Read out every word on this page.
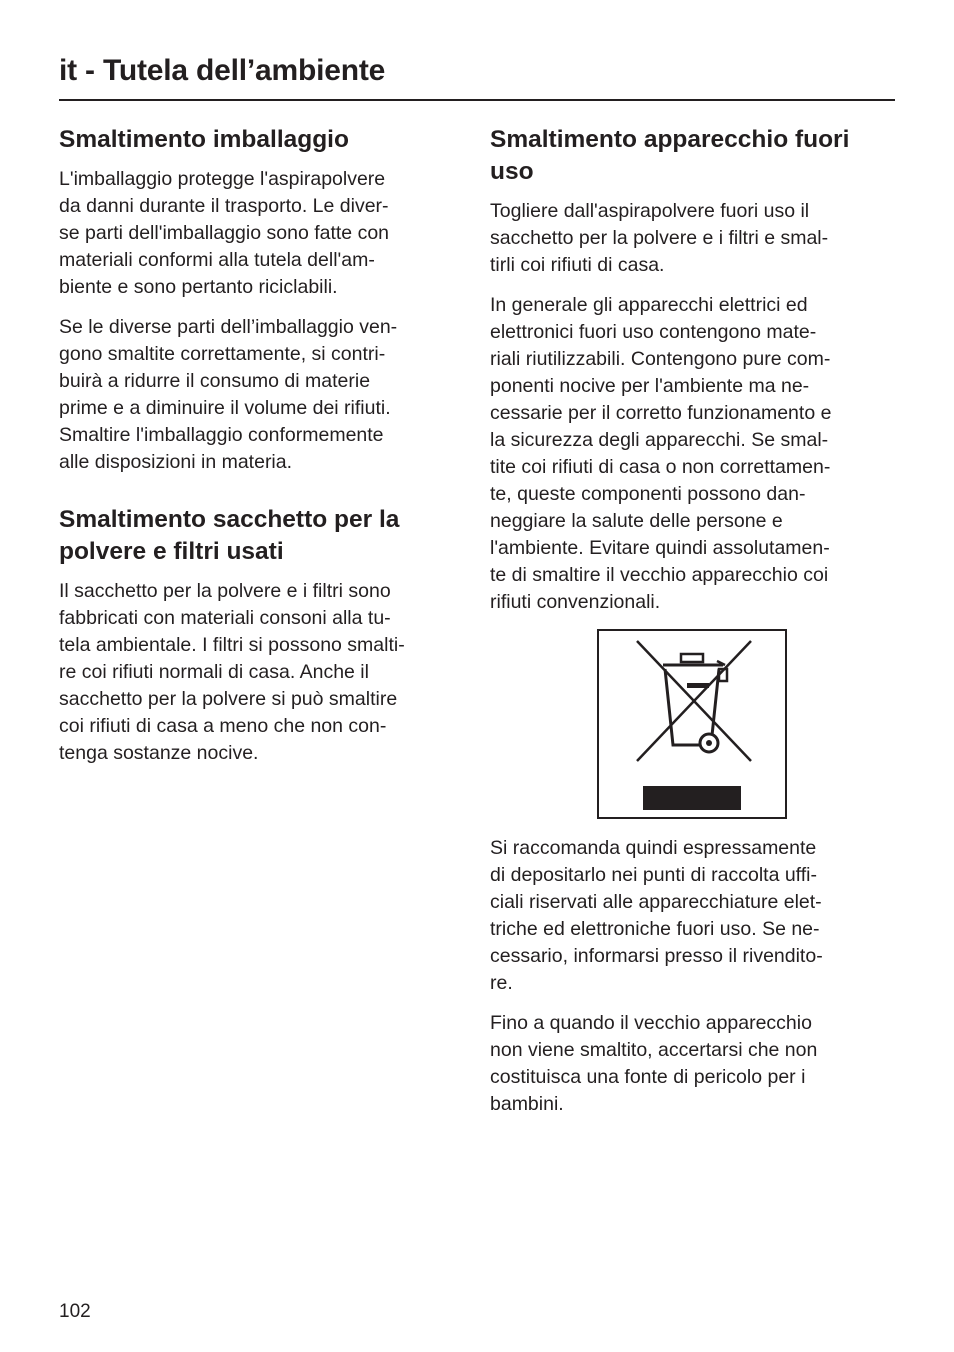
it - Tutela dell’ambiente
Smaltimento imballaggio

L'imballaggio protegge l'aspirapolvere
da danni durante il trasporto. Le diver-
se parti dell'imballaggio sono fatte con
materiali conformi alla tutela dell'am-
biente e sono pertanto riciclabili.

Se le diverse parti dell’imballaggio ven-
gono smaltite correttamente, si contri-
buirà a ridurre il consumo di materie
prime e a diminuire il volume dei rifiuti.
Smaltire l'imballaggio conformemente
alle disposizioni in materia.

Smaltimento sacchetto per la
polvere e filtri usati

Il sacchetto per la polvere e i filtri sono
fabbricati con materiali consoni alla tu-
tela ambientale. I filtri si possono smalti-
re coi rifiuti normali di casa. Anche il
sacchetto per la polvere si può smaltire
coi rifiuti di casa a meno che non con-
tenga sostanze nocive.

Smaltimento apparecchio fuori
uso

Togliere dall'aspirapolvere fuori uso il
sacchetto per la polvere e i filtri e smal-
tirli coi rifiuti di casa.

In generale gli apparecchi elettrici ed
elettronici fuori uso contengono mate-
riali riutilizzabili. Contengono pure com-
ponenti nocive per l'ambiente ma ne-
cessarie per il corretto funzionamento e
la sicurezza degli apparecchi. Se smal-
tite coi rifiuti di casa o non correttamen-
te, queste componenti possono dan-
neggiare la salute delle persone e
l'ambiente. Evitare quindi assolutamen-
te di smaltire il vecchio apparecchio coi
rifiuti convenzionali.

Si raccomanda quindi espressamente
di depositarlo nei punti di raccolta uffi-
ciali riservati alle apparecchiature elet-
triche ed elettroniche fuori uso. Se ne-
cessario, informarsi presso il rivendito-
re.

Fino a quando il vecchio apparecchio
non viene smaltito, accertarsi che non
costituisca una fonte di pericolo per i
bambini.

102
